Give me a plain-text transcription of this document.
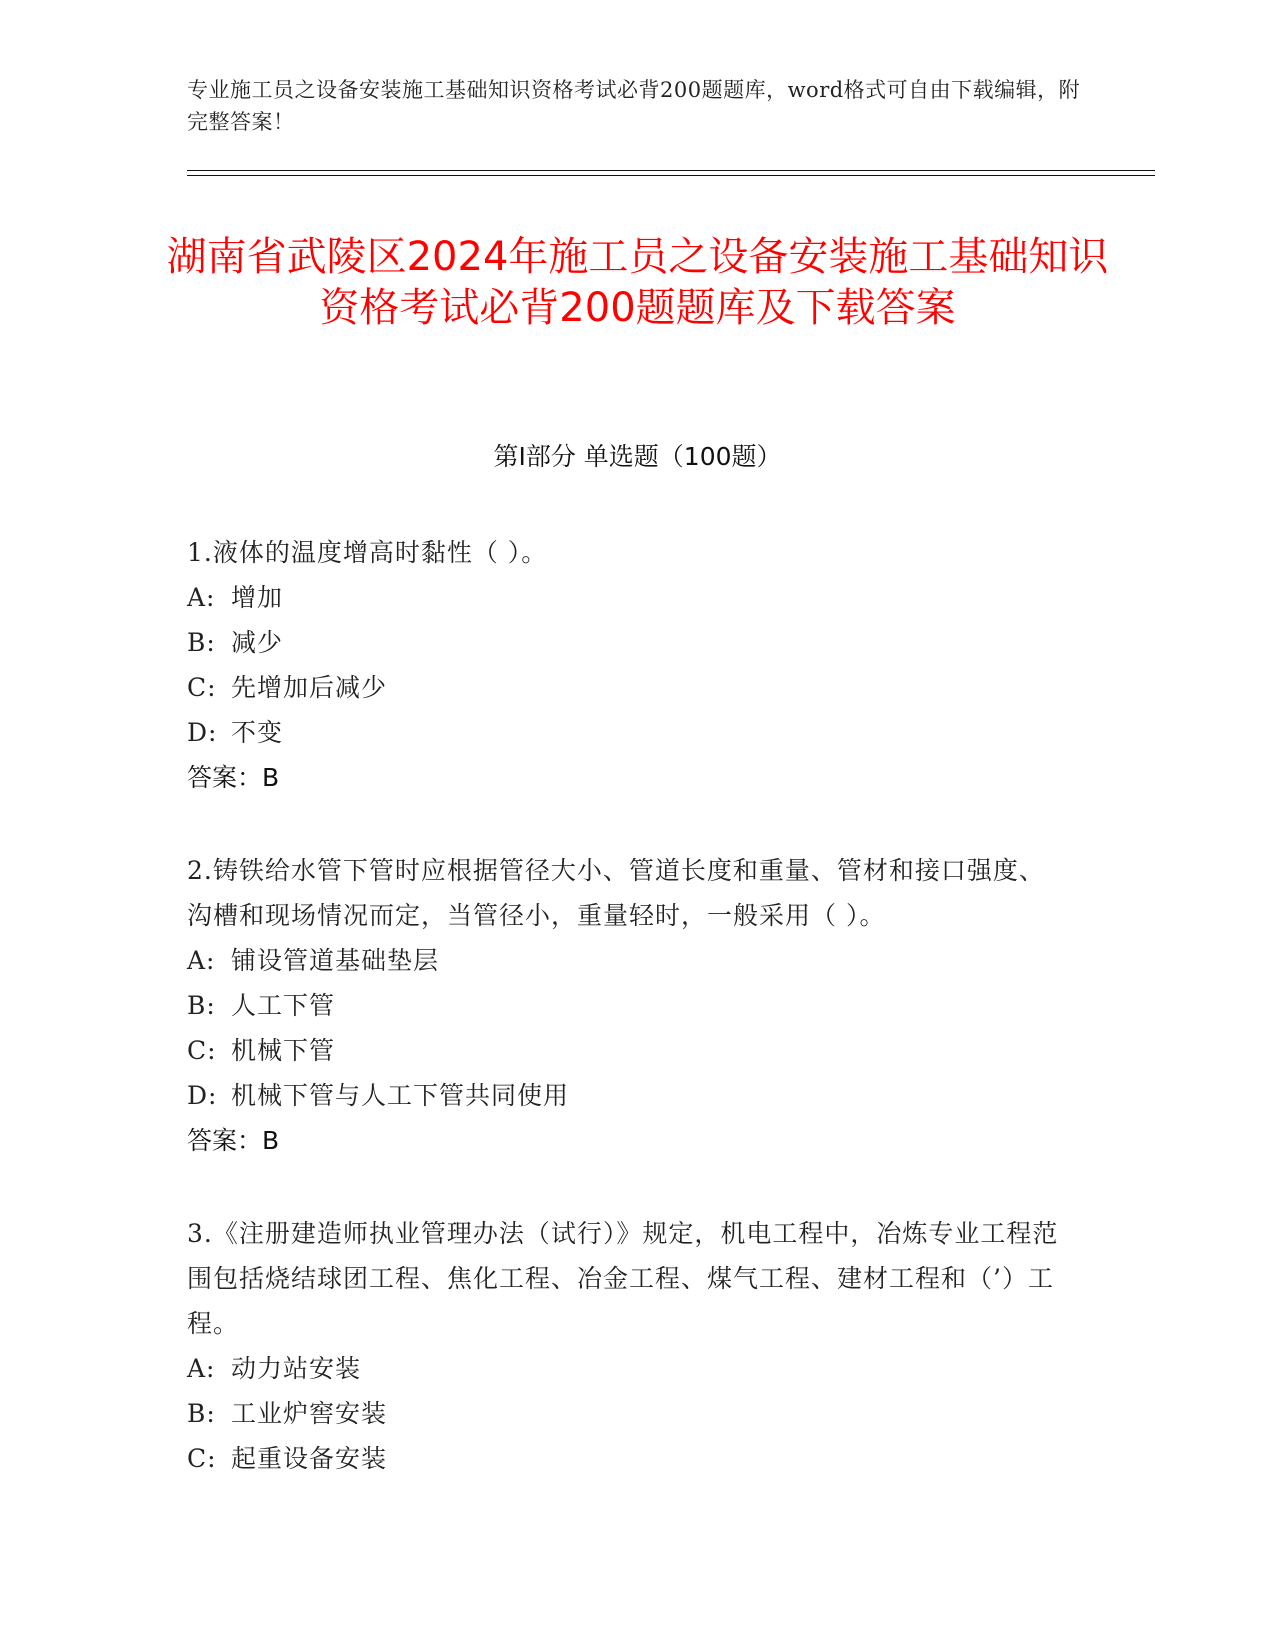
专业施工员之设备安装施工基础知识资格考试必背200题题库，word格式可自由下载编辑，附完整答案！
湖南省武陵区2024年施工员之设备安装施工基础知识资格考试必背200题题库及下载答案
第Ⅰ部分 单选题（100题）
1.液体的温度增高时黏性（ ）。
A: 增加
B: 减少
C: 先增加后减少
D: 不变
答案：B
2.铸铁给水管下管时应根据管径大小、管道长度和重量、管材和接口强度、沟槽和现场情况而定，当管径小，重量轻时，一般采用（ ）。
A: 铺设管道基础垫层
B: 人工下管
C: 机械下管
D: 机械下管与人工下管共同使用
答案：B
3.《注册建造师执业管理办法（试行）》规定，机电工程中，冶炼专业工程范围包括烧结球团工程、焦化工程、冶金工程、煤气工程、建材工程和（’）工程。
A: 动力站安装
B: 工业炉窖安装
C: 起重设备安装
